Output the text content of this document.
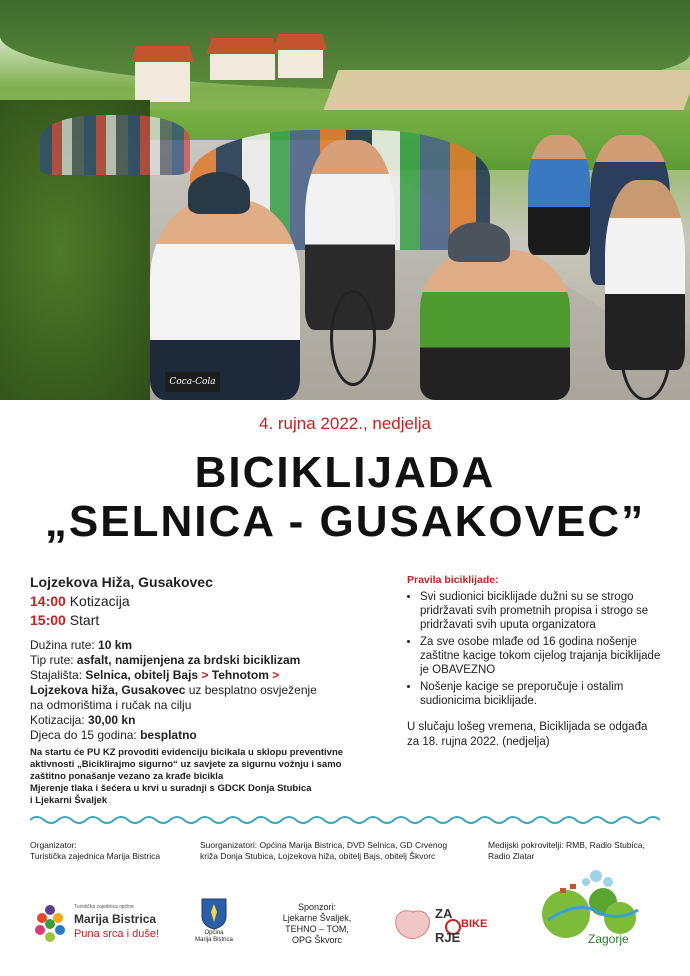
Coca-Cola
4. rujna 2022., nedjelja
BICIKLIJADA
„SELNICA - GUSAKOVEC”
Lojzekova Hiža, Gusakovec
14:00 Kotizacija
15:00 Start
Dužina rute: 10 km
Tip rute: asfalt, namijenjena za brdski biciklizam
Stajališta: Selnica, obitelj Bajs > Tehnotom >
Lojzekova hiža, Gusakovec uz besplatno osvježenje
na odmorištima i ručak na cilju
Kotizacija: 30,00 kn
Djeca do 15 godina: besplatno
Na startu će PU KZ provoditi evidenciju bicikala u sklopu preventivne
aktivnosti „Biciklirajmo sigurno“ uz savjete za sigurnu vožnju i samo
zaštitno ponašanje vezano za krađe bicikla
Mjerenje tlaka i šećera u krvi u suradnji s GDCK Donja Stubica
i Ljekarni Švaljek
Pravila biciklijade:
• Svi sudionici biciklijade dužni su se strogo pridržavati svih prometnih propisa i strogo se pridržavati svih uputa organizatora
• Za sve osobe mlađe od 16 godina nošenje zaštitne kacige tokom cijelog trajanja biciklijade je OBAVEZNO
• Nošenje kacige se preporučuje i ostalim sudionicima biciklijade.
U slučaju lošeg vremena, Biciklijada se odgađa za 18. rujna 2022. (nedjelja)
Organizator:
Turistička zajednica Marija Bistrica
Suorganizatori: Općina Marija Bistrica, DVD Selnica, GD Crvenog
križa Donja Stubica, Lojzekova hiža, obitelj Bajs, obitelj Škvorc
Medijski pokrovitelji: RMB, Radio Stubica,
Radio Zlatar
Turistička zajednica općine
Marija Bistrica
Puna srca i duše!	Općina
Marija Bistrica
Sponzori:
Ljekarne Švaljek,
TEHNO – TOM,
OPG Škvorc
ZA
BIKE
RJE	Zagorje
